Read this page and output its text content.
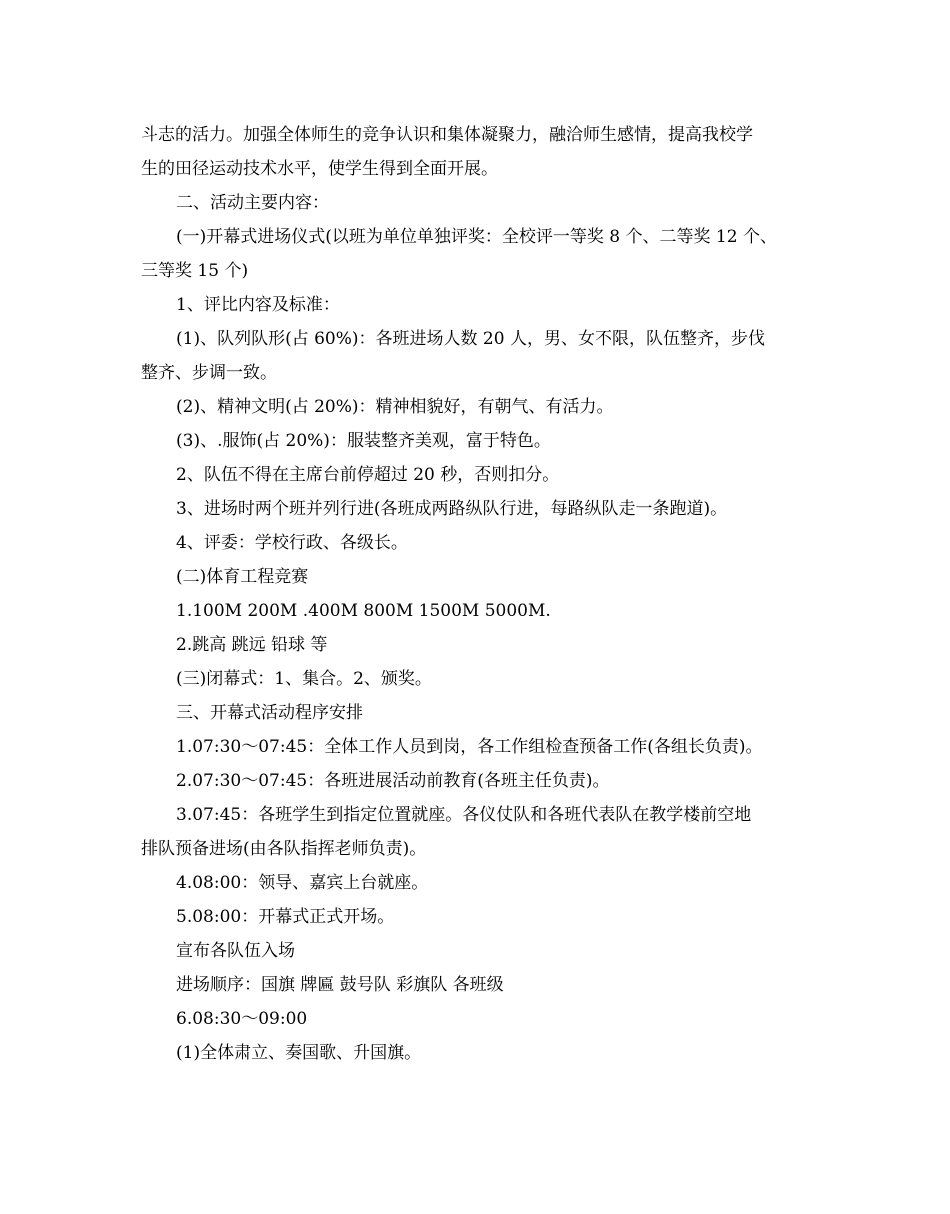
斗志的活力。加强全体师生的竞争认识和集体凝聚力，融洽师生感情，提高我校学
生的田径运动技术水平，使学生得到全面开展。
二、活动主要内容：
(一)开幕式进场仪式(以班为单位单独评奖：全校评一等奖 8 个、二等奖 12 个、
三等奖 15 个)
1、评比内容及标准：
(1)、队列队形(占 60%)：各班进场人数 20 人，男、女不限，队伍整齐，步伐
整齐、步调一致。
(2)、精神文明(占 20%)：精神相貌好，有朝气、有活力。
(3)、.服饰(占 20%)：服装整齐美观，富于特色。
2、队伍不得在主席台前停超过 20 秒，否则扣分。
3、进场时两个班并列行进(各班成两路纵队行进，每路纵队走一条跑道)。
4、评委：学校行政、各级长。
(二)体育工程竞赛
1.100M 200M .400M 800M 1500M 5000M.
2.跳高 跳远 铅球 等
(三)闭幕式：1、集合。2、颁奖。
三、开幕式活动程序安排
1.07:30～07:45：全体工作人员到岗，各工作组检查预备工作(各组长负责)。
2.07:30～07:45：各班进展活动前教育(各班主任负责)。
3.07:45：各班学生到指定位置就座。各仪仗队和各班代表队在教学楼前空地
排队预备进场(由各队指挥老师负责)。
4.08:00：领导、嘉宾上台就座。
5.08:00：开幕式正式开场。
宣布各队伍入场
进场顺序：国旗 牌匾 鼓号队 彩旗队 各班级
6.08:30～09:00
(1)全体肃立、奏国歌、升国旗。
